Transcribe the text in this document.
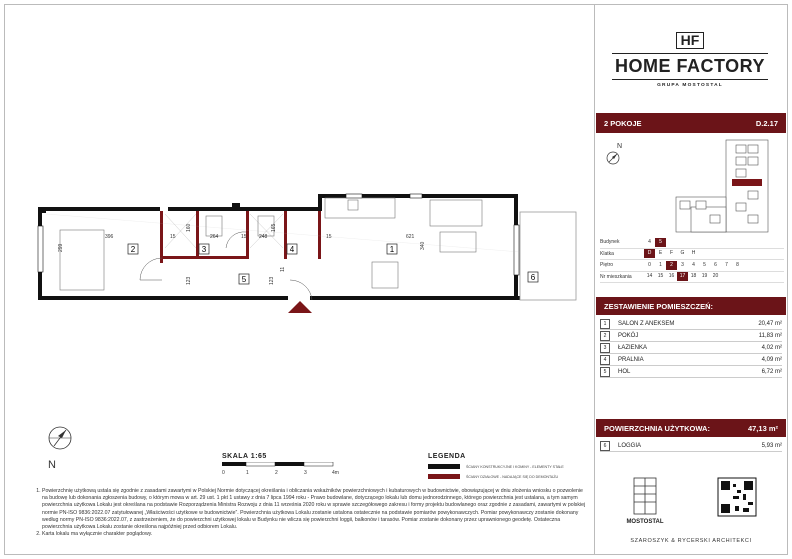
2	3	4	1
5	6
396	264	248	621
299
160	165
15	15	15
123	123
11
340
N
SKALA 1:65
0	1	2	3	4m
LEGENDA
ŚCIANY KONSTRUKCYJNE I KOMINY - ELEMENTY STAŁE
ŚCIANY DZIAŁOWE - NADAJĄCE SIĘ DO DEMONTAŻU
1. Powierzchnię użytkową ustala się zgodnie z zasadami zawartymi w Polskiej Normie dotyczącej określania i obliczania wskaźników powierzchniowych i kubaturowych w budownictwie, obowiązującej w dniu złożenia wniosku o pozwolenie na budowę lub dokonania zgłoszenia budowy, o którym mowa w art. 29 ust. 1 pkt 1 ustawy z dnia 7 lipca 1994 roku - Prawo budowlane, dotyczącego lokalu lub domu jednorodzinnego, którego powierzchnia jest ustalana, a tym samym powierzchnia użytkowa Lokalu jest określana na podstawie Rozporządzenia Ministra Rozwoju z dnia 11 września 2020 roku w sprawie szczegółowego zakresu i formy projektu budowlanego oraz zgodnie z zasadami, zawartymi w polskiej normie PN-ISO 9836:2022.07 zatytułowanej „Właściwości użytkowe w budownictwie”. Powierzchnia użytkowa Lokalu zostanie ustalona ostatecznie na podstawie pomiarów powykonawczych. Pomiar powykonawczy zostanie dokonany według normy PN-ISO 9836:2022.07, z zastrzeżeniem, że do powierzchni użytkowej lokalu w Budynku nie wlicza się powierzchni loggii, balkonów i tarasów. Pomiar zostanie dokonany przez uprawnionego geodetę. Ostateczna powierzchnia użytkowa Lokalu zostanie określona najpóźniej przed odbiorem Lokalu.
2. Karta lokalu ma wyłącznie charakter poglądowy.
HF
HOME FACTORY
GRUPA MOSTOSTAL
2 POKOJE	D.2.17
N
Budynek	4	5
Klatka	D	E	F	G	H
Piętro	0	1	2	3	4	5	6	7	8
Nr mieszkania	14	15	16	17	18	19	20
ZESTAWIENIE POMIESZCZEŃ:
1	SALON Z ANEKSEM	20,47 m²
2	POKÓJ	11,83 m²
3	ŁAZIENKA	4,02 m²
4	PRALNIA	4,09 m²
5	HOL	6,72 m²
POWIERZCHNIA UŻYTKOWA:	47,13 m²
6	LOGGIA	5,93 m²
MOSTOSTAL
SZAROSZYK & RYCERSKI ARCHITEKCI
